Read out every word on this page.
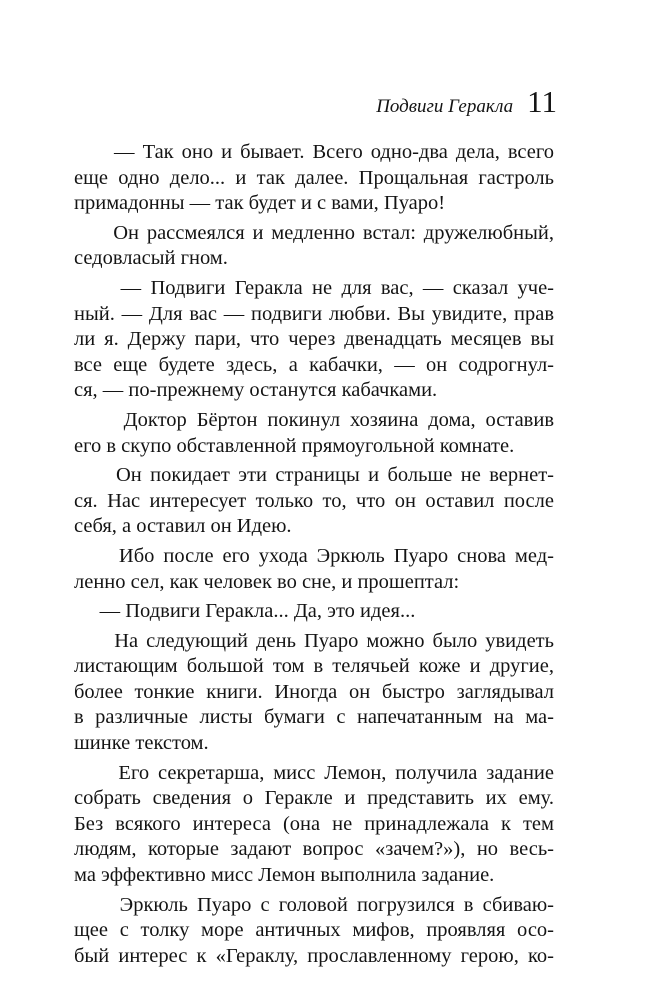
Подвиги Геракла 11
— Так оно и бывает. Всего одно-два дела, всего
еще одно дело... и так далее. Прощальная гастроль
примадонны — так будет и с вами, Пуаро!
Он рассмеялся и медленно встал: дружелюбный,
седовласый гном.
— Подвиги Геракла не для вас, — сказал уче-
ный. — Для вас — подвиги любви. Вы увидите, прав
ли я. Держу пари, что через двенадцать месяцев вы
все еще будете здесь, а кабачки, — он содрогнул-
ся, — по-прежнему останутся кабачками.
Доктор Бёртон покинул хозяина дома, оставив
его в скупо обставленной прямоугольной комнате.
Он покидает эти страницы и больше не вернет-
ся. Нас интересует только то, что он оставил после
себя, а оставил он Идею.
Ибо после его ухода Эркюль Пуаро снова мед-
ленно сел, как человек во сне, и прошептал:
— Подвиги Геракла... Да, это идея...
На следующий день Пуаро можно было увидеть
листающим большой том в телячьей коже и другие,
более тонкие книги. Иногда он быстро заглядывал
в различные листы бумаги с напечатанным на ма-
шинке текстом.
Его секретарша, мисс Лемон, получила задание
собрать сведения о Геракле и представить их ему.
Без всякого интереса (она не принадлежала к тем
людям, которые задают вопрос «зачем?»), но весь-
ма эффективно мисс Лемон выполнила задание.
Эркюль Пуаро с головой погрузился в сбиваю-
щее с толку море античных мифов, проявляя осо-
бый интерес к «Гераклу, прославленному герою, ко-
